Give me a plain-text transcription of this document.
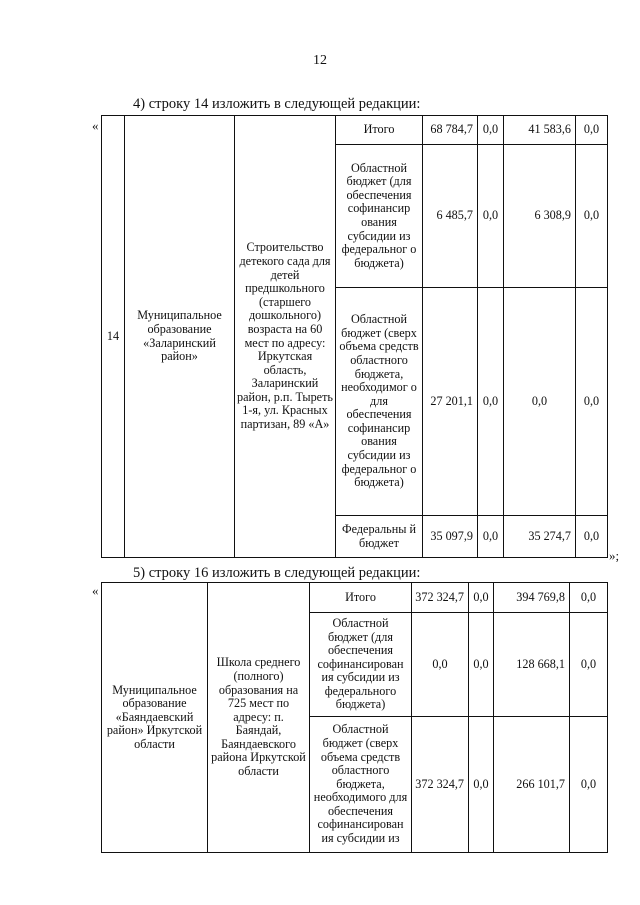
12
4) строку 14 изложить в следующей редакции:
«
14	Муниципальное образование «Заларинский район»	Строительство детекого сада для детей предшкольного (старшего дошкольного) возраста на 60 мест по адресу: Иркутская область, Заларинский район, р.п. Тыреть 1-я, ул. Красных партизан, 89 «А»	Итого	68 784,7	0,0	41 583,6	0,0
			Областной бюджет (для обеспечения софинансир ования субсидии из федеральног о бюджета)	6 485,7	0,0	6 308,9	0,0
			Областной бюджет (сверх объема средств областного бюджета, необходимог о для обеспечения софинансир ования субсидии из федеральног о бюджета)	27 201,1	0,0	0,0	0,0
			Федеральны й бюджет	35 097,9	0,0	35 274,7	0,0
»;
5) строку 16 изложить в следующей редакции:
«
Муниципальное образование «Баяндаевский район» Иркутской области	Школа среднего (полного) образования на 725 мест по адресу: п. Баяндай, Баяндаевского района Иркутской области	Итого	372 324,7	0,0	394 769,8	0,0
		Областной бюджет (для обеспечения софинансирован ия субсидии из федерального бюджета)	0,0	0,0	128 668,1	0,0
		Областной бюджет (сверх объема средств областного бюджета, необходимого для обеспечения софинансирован ия субсидии из	372 324,7	0,0	266 101,7	0,0
